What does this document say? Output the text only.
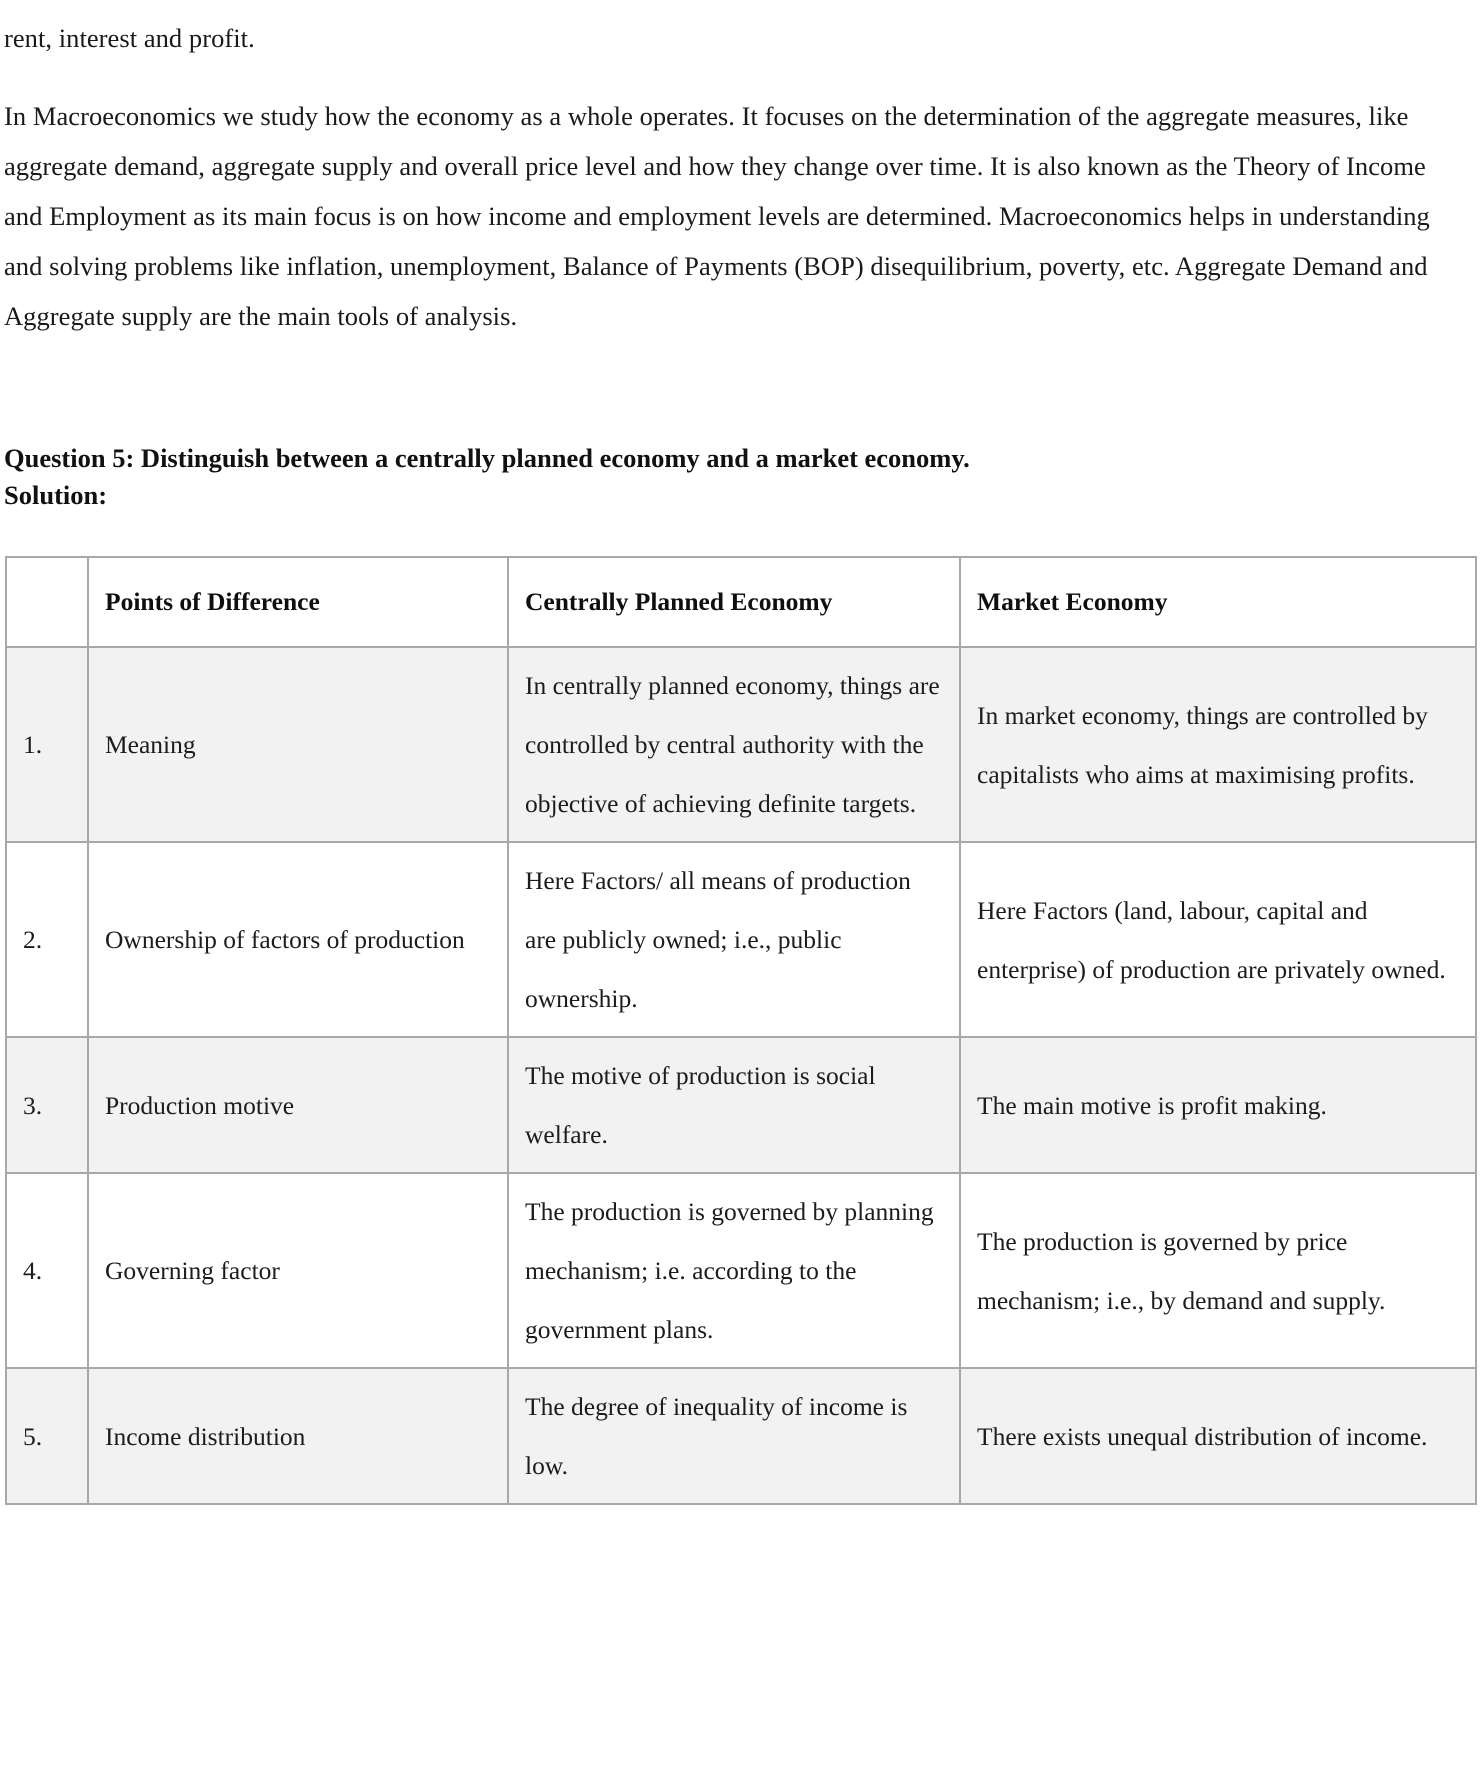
rent, interest and profit.

In Macroeconomics we study how the economy as a whole operates. It focuses on the determination of the aggregate measures, like aggregate demand, aggregate supply and overall price level and how they change over time. It is also known as the Theory of Income and Employment as its main focus is on how income and employment levels are determined. Macroeconomics helps in understanding and solving problems like inflation, unemployment, Balance of Payments (BOP) disequilibrium, poverty, etc. Aggregate Demand and Aggregate supply are the main tools of analysis.

Question 5: Distinguish between a centrally planned economy and a market economy.
Solution:
	Points of Difference	Centrally Planned Economy	Market Economy
1.	Meaning	In centrally planned economy, things are controlled by central authority with the objective of achieving definite targets.	In market economy, things are controlled by capitalists who aims at maximising profits.
2.	Ownership of factors of production	Here Factors/ all means of production are publicly owned; i.e., public ownership.	Here Factors (land, labour, capital and enterprise) of production are privately owned.
3.	Production motive	The motive of production is social welfare.	The main motive is profit making.
4.	Governing factor	The production is governed by planning mechanism; i.e. according to the government plans.	The production is governed by price mechanism; i.e., by demand and supply.
5.	Income distribution	The degree of inequality of income is low.	There exists unequal distribution of income.
